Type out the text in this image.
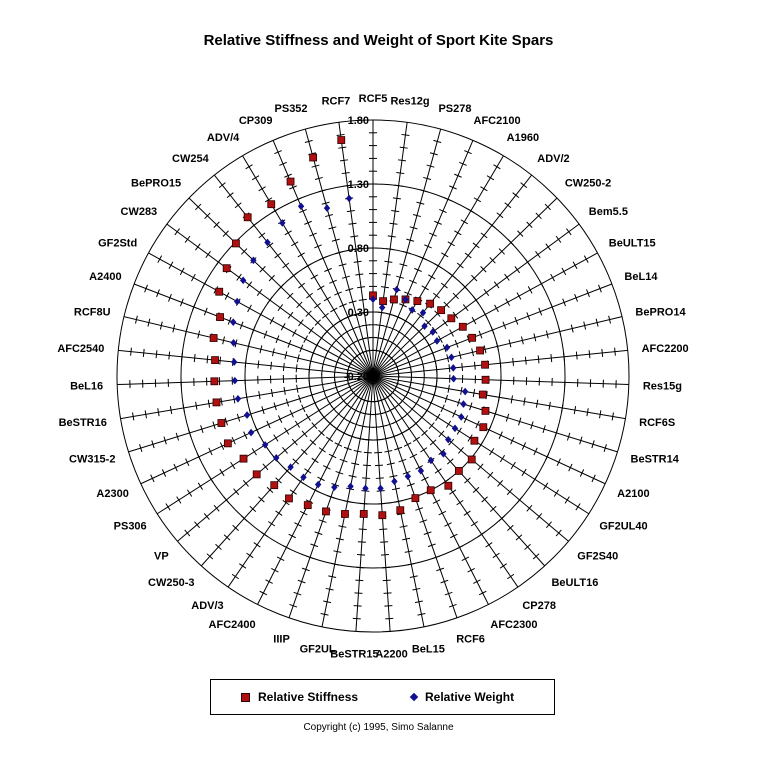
Relative Stiffness and Weight of Sport Kite Spars
1.80
1.30
0.80
0.30
-0.20
RCF5 Res12g
PS278
AFC2100
A1960
ADV/2
CW250-2
Bem5.5
BeULT15
BeL14
BePRO14
AFC2200
Res15g
RCF6S
BeSTR14
A2100
GF2UL40
GF2S40
BeULT16
CP278
AFC2300
RCF6
BeL15
A2200
BeSTR15
GF2UL
IIIP
AFC2400
ADV/3
CW250-3
VP
PS306
A2300
CW315-2
BeSTR16
BeL16
AFC2540
RCF8U
A2400
GF2Std
CW283
BePRO15
CW254
ADV/4
CP309
PS352
RCF7
Relative Stiffness	Relative Weight
Copyright (c) 1995, Simo Salanne
